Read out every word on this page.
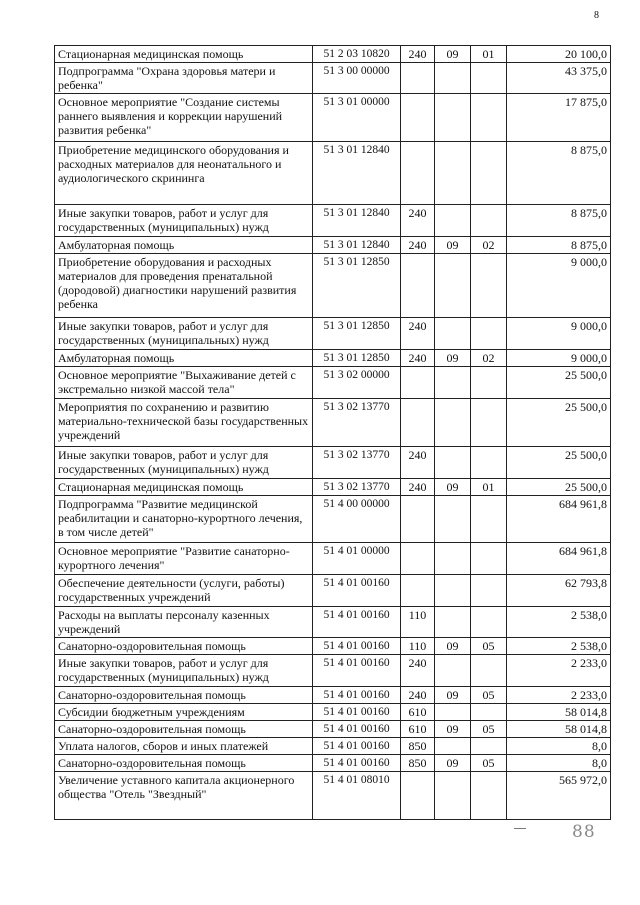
8
Стационарная медицинская помощь	51 2 03 10820	240	09	01	20 100,0
Подпрограмма "Охрана здоровья матери и ребенка"	51 3 00 00000				43 375,0
Основное мероприятие "Создание системы раннего выявления и коррекции нарушений развития ребенка"	51 3 01 00000				17 875,0
Приобретение медицинского оборудования и расходных материалов для неонатального и аудиологического скрининга	51 3 01 12840				8 875,0
Иные закупки товаров, работ и услуг для государственных (муниципальных) нужд	51 3 01 12840	240			8 875,0
Амбулаторная помощь	51 3 01 12840	240	09	02	8 875,0
Приобретение оборудования и расходных материалов для проведения пренатальной (дородовой) диагностики нарушений развития ребенка	51 3 01 12850				9 000,0
Иные закупки товаров, работ и услуг для государственных (муниципальных) нужд	51 3 01 12850	240			9 000,0
Амбулаторная помощь	51 3 01 12850	240	09	02	9 000,0
Основное мероприятие "Выхаживание детей с экстремально низкой массой тела"	51 3 02 00000				25 500,0
Мероприятия по сохранению и развитию материально-технической базы государственных учреждений	51 3 02 13770				25 500,0
Иные закупки товаров, работ и услуг для государственных (муниципальных) нужд	51 3 02 13770	240			25 500,0
Стационарная медицинская помощь	51 3 02 13770	240	09	01	25 500,0
Подпрограмма "Развитие медицинской реабилитации и санаторно-курортного лечения, в том числе детей"	51 4 00 00000				684 961,8
Основное мероприятие "Развитие санаторно-курортного лечения"	51 4 01 00000				684 961,8
Обеспечение деятельности (услуги, работы) государственных учреждений	51 4 01 00160				62 793,8
Расходы на выплаты персоналу казенных учреждений	51 4 01 00160	110			2 538,0
Санаторно-оздоровительная помощь	51 4 01 00160	110	09	05	2 538,0
Иные закупки товаров, работ и услуг для государственных (муниципальных) нужд	51 4 01 00160	240			2 233,0
Санаторно-оздоровительная помощь	51 4 01 00160	240	09	05	2 233,0
Субсидии бюджетным учреждениям	51 4 01 00160	610			58 014,8
Санаторно-оздоровительная помощь	51 4 01 00160	610	09	05	58 014,8
Уплата налогов, сборов и иных платежей	51 4 01 00160	850			8,0
Санаторно-оздоровительная помощь	51 4 01 00160	850	09	05	8,0
Увеличение уставного капитала акционерного общества "Отель "Звездный"	51 4 01 08010				565 972,0
88
